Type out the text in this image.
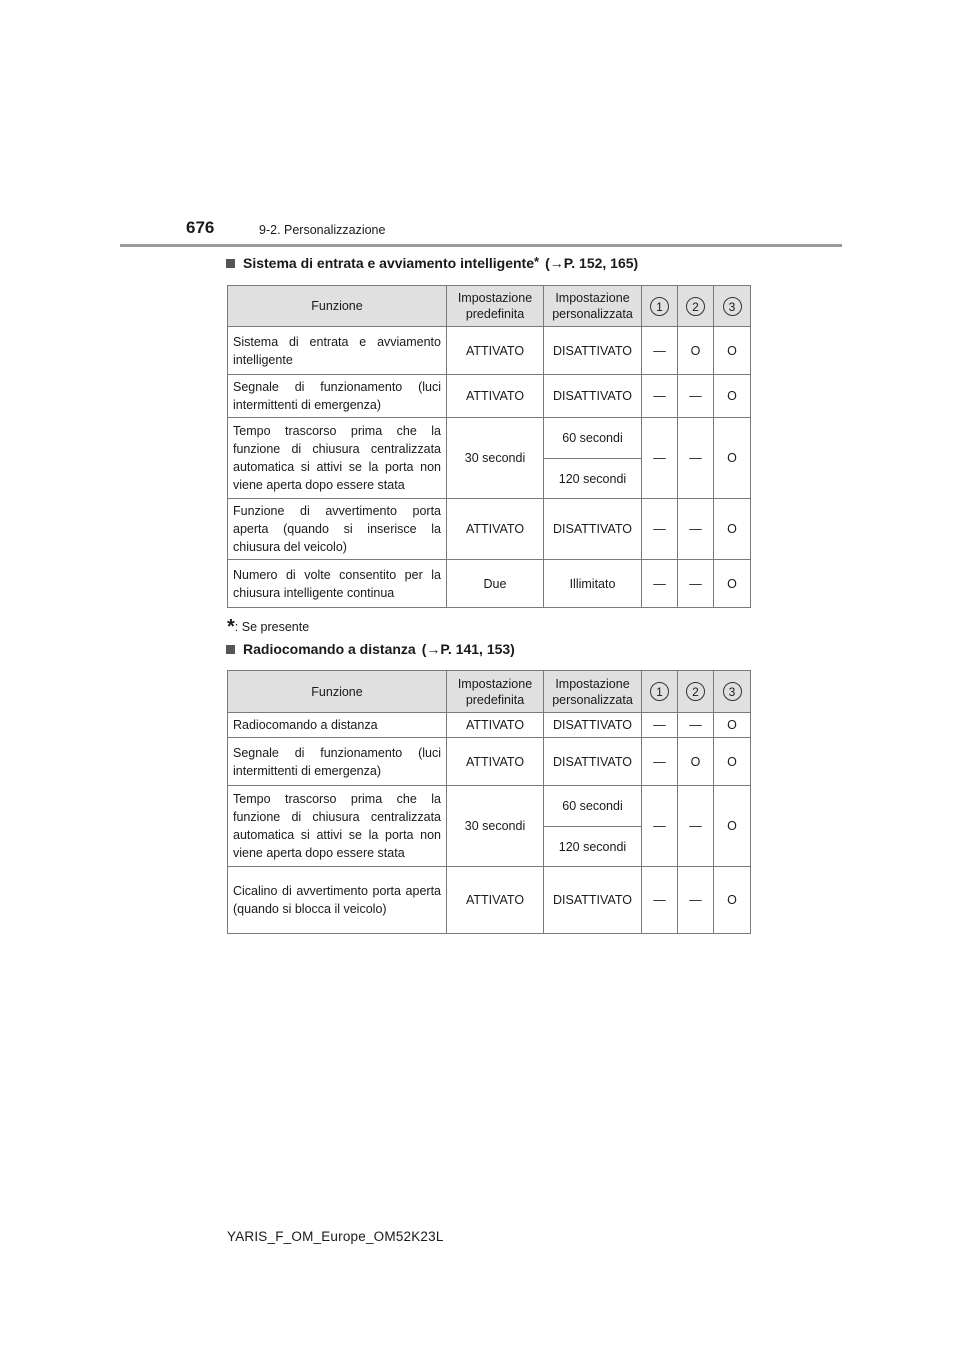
676	9-2. Personalizzazione
Sistema di entrata e avviamento intelligente* (→P. 152, 165)
Funzione	Impostazione predefinita	Impostazione personalizzata	1	2	3
Sistema di entrata e avviamento intelligente	ATTIVATO	DISATTIVATO	—	O	O
Segnale di funzionamento (luci intermittenti di emergenza)	ATTIVATO	DISATTIVATO	—	—	O
Tempo trascorso prima che la funzione di chiusura centralizzata automatica si attivi se la porta non viene aperta dopo essere stata	30 secondi	60 secondi	—	—	O
		120 secondi			
Funzione di avvertimento porta aperta (quando si inserisce la chiusura del veicolo)	ATTIVATO	DISATTIVATO	—	—	O
Numero di volte consentito per la chiusura intelligente continua	Due	Illimitato	—	—	O
*: Se presente
Radiocomando a distanza (→P. 141, 153)
Funzione	Impostazione predefinita	Impostazione personalizzata	1	2	3
Radiocomando a distanza	ATTIVATO	DISATTIVATO	—	—	O
Segnale di funzionamento (luci intermittenti di emergenza)	ATTIVATO	DISATTIVATO	—	O	O
Tempo trascorso prima che la funzione di chiusura centralizzata automatica si attivi se la porta non viene aperta dopo essere stata	30 secondi	60 secondi	—	—	O
		120 secondi			
Cicalino di avvertimento porta aperta (quando si blocca il veicolo)	ATTIVATO	DISATTIVATO	—	—	O
YARIS_F_OM_Europe_OM52K23L
